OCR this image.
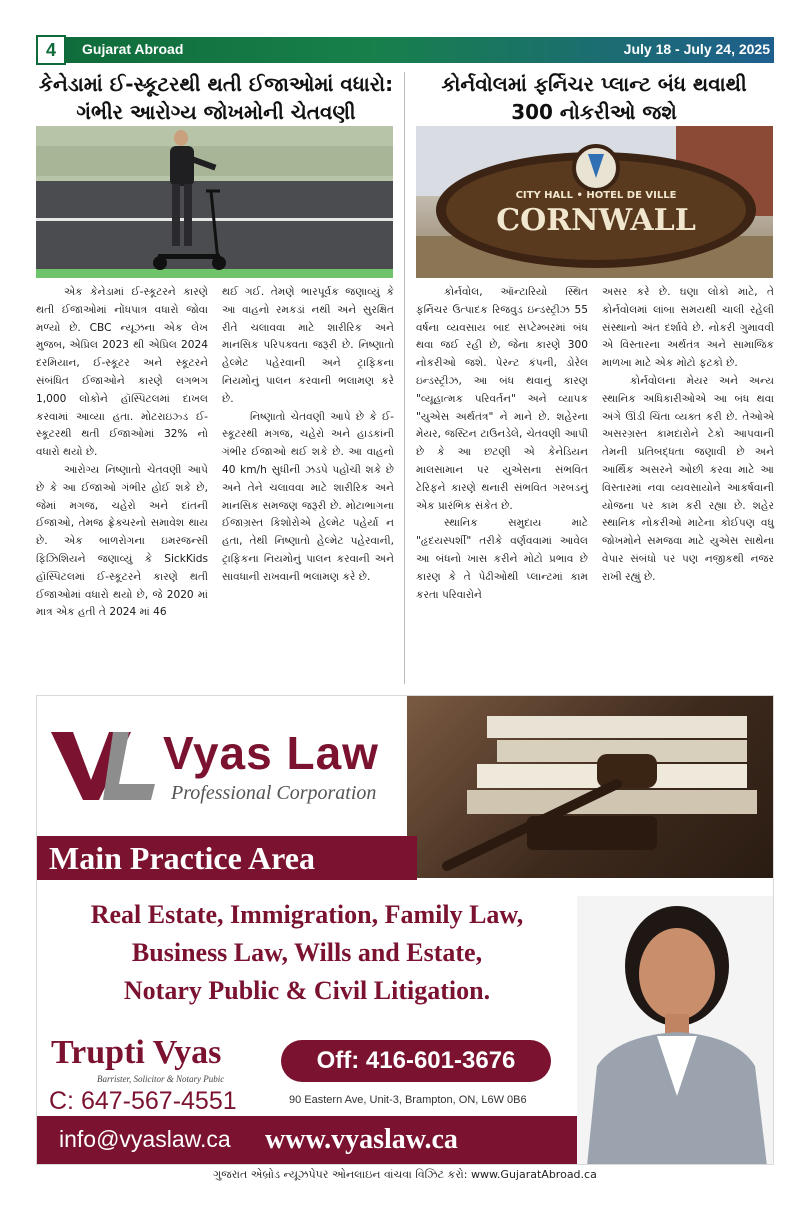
4	Gujarat Abroad	July 18 - July 24, 2025
કેનેડામાં ઈ-સ્કૂટરથી થતી ઈજાઓમાં વધારો:
ગંભીર આરોગ્ય જોખમોની ચેતવણી
કોર્નવોલમાં ફર્નિચર પ્લાન્ટ બંધ થવાથી
300 નોકરીઓ જશે
CITY HALL • HOTEL DE VILLE
CORNWALL

એક કેનેડામાં ઈ-સ્કૂટરને કારણે થતી ઈજાઓમાં નોંધપાત્ર વધારો જોવા મળ્યો છે. CBC ન્યૂઝના એક લેખ મુજબ, એપ્રિલ 2023 થી એપ્રિલ 2024 દરમિયાન, ઈ-સ્કૂટર અને સ્કૂટરને સંબંધિત ઈજાઓને કારણે લગભગ 1,000 લોકોને હૉસ્પિટલમાં દાખલ કરવામાં આવ્યા હતા. મોટરાઇઝ્ડ ઈ-સ્કૂટરથી થતી ઈજાઓમાં 32% નો વધારો થયો છે.

આરોગ્ય નિષ્ણાતો ચેતવણી આપે છે કે આ ઈજાઓ ગંભીર હોઈ શકે છે, જેમાં મગજ, ચહેરો અને દાંતની ઈજાઓ, તેમજ ફ્રેક્ચરનો સમાવેશ થાય છે. એક બાળરોગના ઇમરજન્સી ફિઝિશિયને જણાવ્યું કે SickKids હૉસ્પિટલમાં ઈ-સ્કૂટરને કારણે થતી ઈજાઓમાં વધારો થયો છે, જે 2020 માં માત્ર એક હતી તે 2024 માં 46

થઈ ગઈ. તેમણે ભારપૂર્વક જણાવ્યું કે આ વાહનો રમકડાં નથી અને સુરક્ષિત રીતે ચલાવવા માટે શારીરિક અને માનસિક પરિપક્વતા જરૂરી છે. નિષ્ણાતો હેલ્મેટ પહેરવાની અને ટ્રાફિકના નિયમોનું પાલન કરવાની ભલામણ કરે છે.

નિષ્ણાતો ચેતવણી આપે છે કે ઈ-સ્કૂટરથી મગજ, ચહેરો અને હાડકાંની ગંભીર ઈજાઓ થઈ શકે છે. આ વાહનો 40 km/h સુધીની ઝડપે પહોંચી શકે છે અને તેને ચલાવવા માટે શારીરિક અને માનસિક સમજણ જરૂરી છે. મોટાભાગના ઈજાગ્રસ્ત કિશોરોએ હેલ્મેટ પહેર્યા ન હતા, તેથી નિષ્ણાતો હેલ્મેટ પહેરવાની, ટ્રાફિકના નિયમોનું પાલન કરવાની અને સાવધાની રાખવાની ભલામણ કરે છે.

કોર્નવોલ, ઑન્ટારિયો સ્થિત ફર્નિચર ઉત્પાદક રિજવુડ ઇન્ડસ્ટ્રીઝ 55 વર્ષના વ્યવસાય બાદ સપ્ટેમ્બરમાં બંધ થવા જઈ રહી છે, જેના કારણે 300 નોકરીઓ જશે. પેરન્ટ કંપની, ડોરેલ ઇન્ડસ્ટ્રીઝ, આ બંધ થવાનું કારણ "વ્યૂહાત્મક પરિવર્તન" અને વ્યાપક "યુએસ અર્થતંત્ર" ને માને છે. શહેરના મેયર, જસ્ટિન ટાઉનડેલે, ચેતવણી આપી છે કે આ છટણી એ કેનેડિયન માલસામાન પર યુએસના સંભવિત ટેરિફને કારણે થનારી સંભવિત ગરબડનું એક પ્રારંભિક સંકેત છે.

સ્થાનિક સમુદાય માટે "હૃદયસ્પર્શી" તરીકે વર્ણવવામાં આવેલ આ બંધનો ખાસ કરીને મોટો પ્રભાવ છે કારણ કે તે પેઢીઓથી પ્લાન્ટમાં કામ કરતા પરિવારોને

અસર કરે છે. ઘણા લોકો માટે, તે કોર્નવોલમાં લાંબા સમયથી ચાલી રહેલી સંસ્થાનો અંત દર્શાવે છે. નોકરી ગુમાવવી એ વિસ્તારના અર્થતંત્ર અને સામાજિક માળખા માટે એક મોટો ફટકો છે.

કોર્નવોલના મેયર અને અન્ય સ્થાનિક અધિકારીઓએ આ બંધ થવા અંગે ઊંડી ચિંતા વ્યક્ત કરી છે. તેઓએ અસરગ્રસ્ત કામદારોને ટેકો આપવાની તેમની પ્રતિબદ્ધતા જણાવી છે અને આર્થિક અસરને ઓછી કરવા માટે આ વિસ્તારમાં નવા વ્યવસાયોને આકર્ષવાની યોજના પર કામ કરી રહ્યા છે. શહેર સ્થાનિક નોકરીઓ માટેના કોઈપણ વધુ જોખમોને સમજવા માટે યુએસ સાથેના વેપાર સંબંધો પર પણ નજીકથી નજર રાખી રહ્યું છે.

Vyas Law
Professional Corporation
Main Practice Area
Real Estate, Immigration, Family Law,
Business Law, Wills and Estate,
Notary Public & Civil Litigation.
Trupti Vyas
Barrister, Solicitor & Notary Pubic
C: 647-567-4551
Off: 416-601-3676
90 Eastern Ave, Unit-3, Brampton, ON, L6W 0B6
info@vyaslaw.ca www.vyaslaw.ca
ગુજરાત એબ્રોડ ન્યૂઝપેપર ઓનલાઇન વાંચવા વિઝિટ કરો: www.GujaratAbroad.ca
